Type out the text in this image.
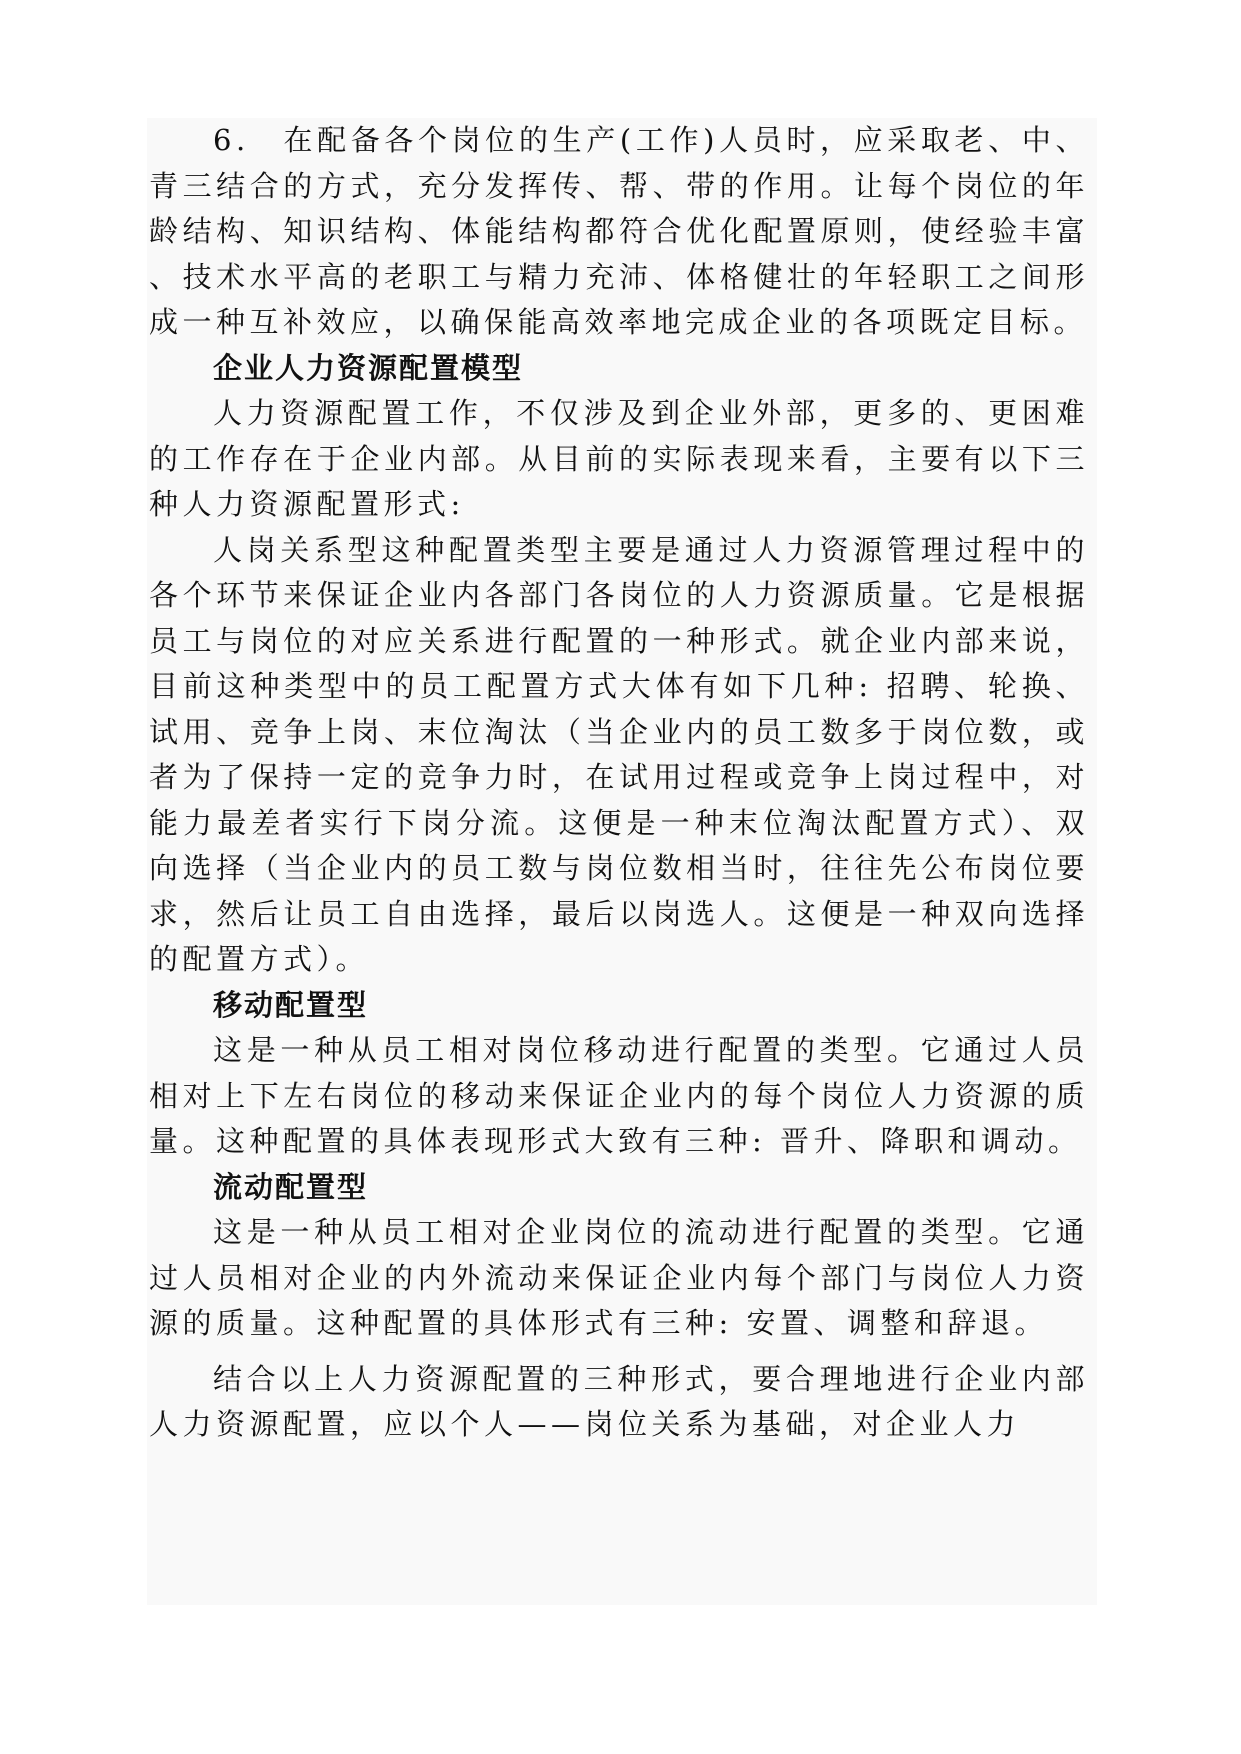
6.　在配备各个岗位的生产(工作)人员时，应采取老、中、青三结合的方式，充分发挥传、帮、带的作用。让每个岗位的年龄结构、知识结构、体能结构都符合优化配置原则，使经验丰富、技术水平高的老职工与精力充沛、体格健壮的年轻职工之间形成一种互补效应，以确保能高效率地完成企业的各项既定目标。

企业人力资源配置模型

人力资源配置工作，不仅涉及到企业外部，更多的、更困难的工作存在于企业内部。从目前的实际表现来看，主要有以下三种人力资源配置形式:

人岗关系型这种配置类型主要是通过人力资源管理过程中的各个环节来保证企业内各部门各岗位的人力资源质量。它是根据员工与岗位的对应关系进行配置的一种形式。就企业内部来说，目前这种类型中的员工配置方式大体有如下几种: 招聘、轮换、试用、竞争上岗、末位淘汰（当企业内的员工数多于岗位数，或者为了保持一定的竞争力时，在试用过程或竞争上岗过程中，对能力最差者实行下岗分流。这便是一种末位淘汰配置方式）、双向选择（当企业内的员工数与岗位数相当时，往往先公布岗位要求，然后让员工自由选择，最后以岗选人。这便是一种双向选择的配置方式）。

移动配置型

这是一种从员工相对岗位移动进行配置的类型。它通过人员相对上下左右岗位的移动来保证企业内的每个岗位人力资源的质量。这种配置的具体表现形式大致有三种: 晋升、降职和调动。

流动配置型

这是一种从员工相对企业岗位的流动进行配置的类型。它通过人员相对企业的内外流动来保证企业内每个部门与岗位人力资源的质量。这种配置的具体形式有三种: 安置、调整和辞退。

结合以上人力资源配置的三种形式，要合理地进行企业内部人力资源配置，应以个人——岗位关系为基础，对企业人力
